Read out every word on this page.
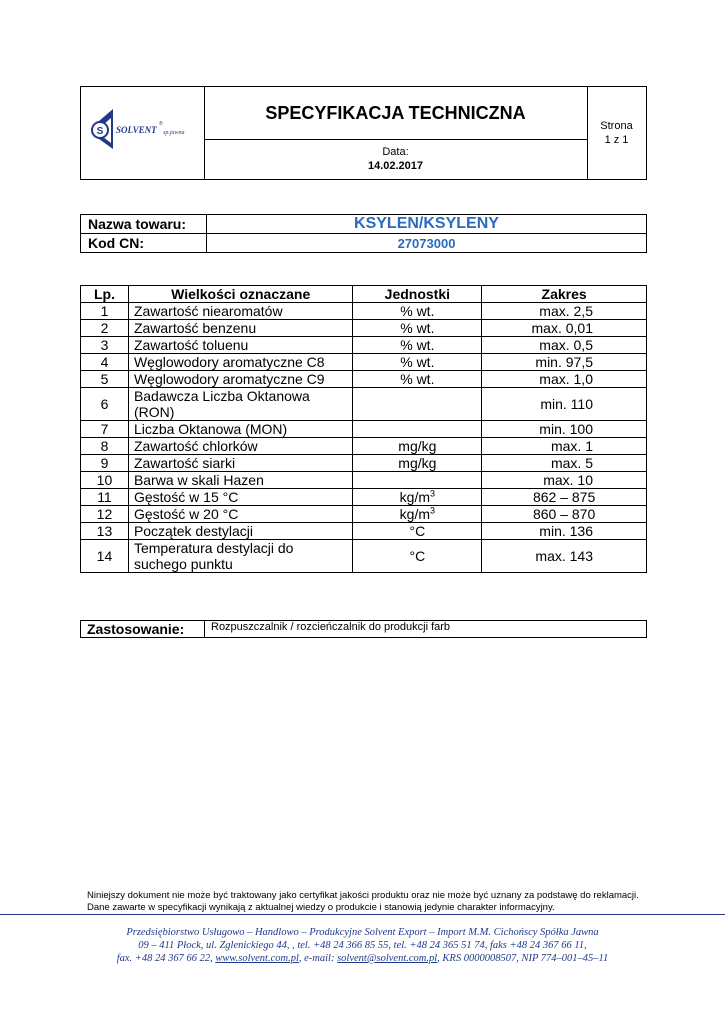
S SOLVENT
®
sp.jawna
SPECYFIKACJA TECHNICZNA
Data:
14.02.2017
Strona
1 z 1
Nazwa towaru:	KSYLEN/KSYLENY
Kod CN:	27073000
Lp.	Wielkości oznaczane	Jednostki	Zakres
1	Zawartość niearomatów	% wt.	max. 2,5
2	Zawartość benzenu	% wt.	max. 0,01
3	Zawartość toluenu	% wt.	max. 0,5
4	Węglowodory aromatyczne C8	% wt.	min. 97,5
5	Węglowodory aromatyczne C9	% wt.	max. 1,0
6	Badawcza Liczba Oktanowa
(RON)		min. 110
7	Liczba Oktanowa (MON)		min. 100
8	Zawartość chlorków	mg/kg	max. 1
9	Zawartość siarki	mg/kg	max. 5
10	Barwa w skali Hazen		max. 10
11	Gęstość w 15 °C	$kg/m^3$	862 – 875
12	Gęstość w 20 °C	$kg/m^3$	860 – 870
13	Początek destylacji	°C	min. 136
14	Temperatura destylacji do
suchego punktu	°C	max. 143
Zastosowanie:	Rozpuszczalnik / rozcieńczalnik do produkcji farb
Niniejszy dokument nie może być traktowany jako certyfikat jakości produktu oraz nie może być uznany za podstawę do reklamacji.
Dane zawarte w specyfikacji wynikają z aktualnej wiedzy o produkcie i stanowią jedynie charakter informacyjny.
Przedsiębiorstwo Usługowo – Handlowo – Produkcyjne Solvent Export – Import M.M. Cichońscy Spółka Jawna
09 – 411 Płock, ul. Zglenickiego 44, , tel. +48 24 366 85 55, tel. +48 24 365 51 74, faks +48 24 367 66 11,
fax. +48 24 367 66 22, www.solvent.com.pl, e-mail: solvent@solvent.com.pl, KRS 0000008507, NIP 774–001–45–11
